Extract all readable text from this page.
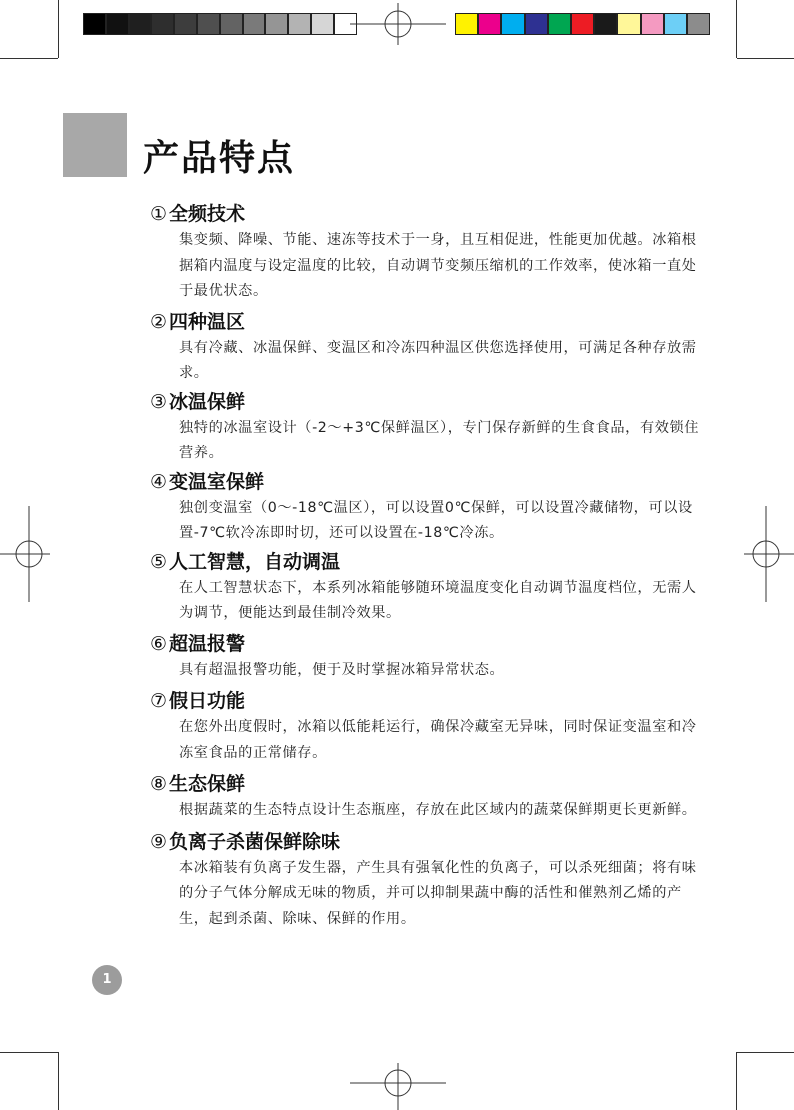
产品特点
① 全频技术
集变频、降噪、节能、速冻等技术于一身，且互相促进，性能更加优越。冰箱根据箱内温度与设定温度的比较，自动调节变频压缩机的工作效率，使冰箱一直处于最优状态。
② 四种温区
具有冷藏、冰温保鲜、变温区和冷冻四种温区供您选择使用，可满足各种存放需求。
③ 冰温保鲜
独特的冰温室设计（-2～+3℃保鲜温区），专门保存新鲜的生食食品，有效锁住营养。
④ 变温室保鲜
独创变温室（0～-18℃温区），可以设置0℃保鲜，可以设置冷藏储物，可以设置-7℃软冷冻即时切，还可以设置在-18℃冷冻。
⑤ 人工智慧，自动调温
在人工智慧状态下，本系列冰箱能够随环境温度变化自动调节温度档位，无需人为调节，便能达到最佳制冷效果。
⑥ 超温报警
具有超温报警功能，便于及时掌握冰箱异常状态。
⑦ 假日功能
在您外出度假时，冰箱以低能耗运行，确保冷藏室无异味，同时保证变温室和冷冻室食品的正常储存。
⑧ 生态保鲜
根据蔬菜的生态特点设计生态瓶座，存放在此区域内的蔬菜保鲜期更长更新鲜。
⑨ 负离子杀菌保鲜除味
本冰箱装有负离子发生器，产生具有强氧化性的负离子，可以杀死细菌；将有味的分子气体分解成无味的物质，并可以抑制果蔬中酶的活性和催熟剂乙烯的产生，起到杀菌、除味、保鲜的作用。
1
